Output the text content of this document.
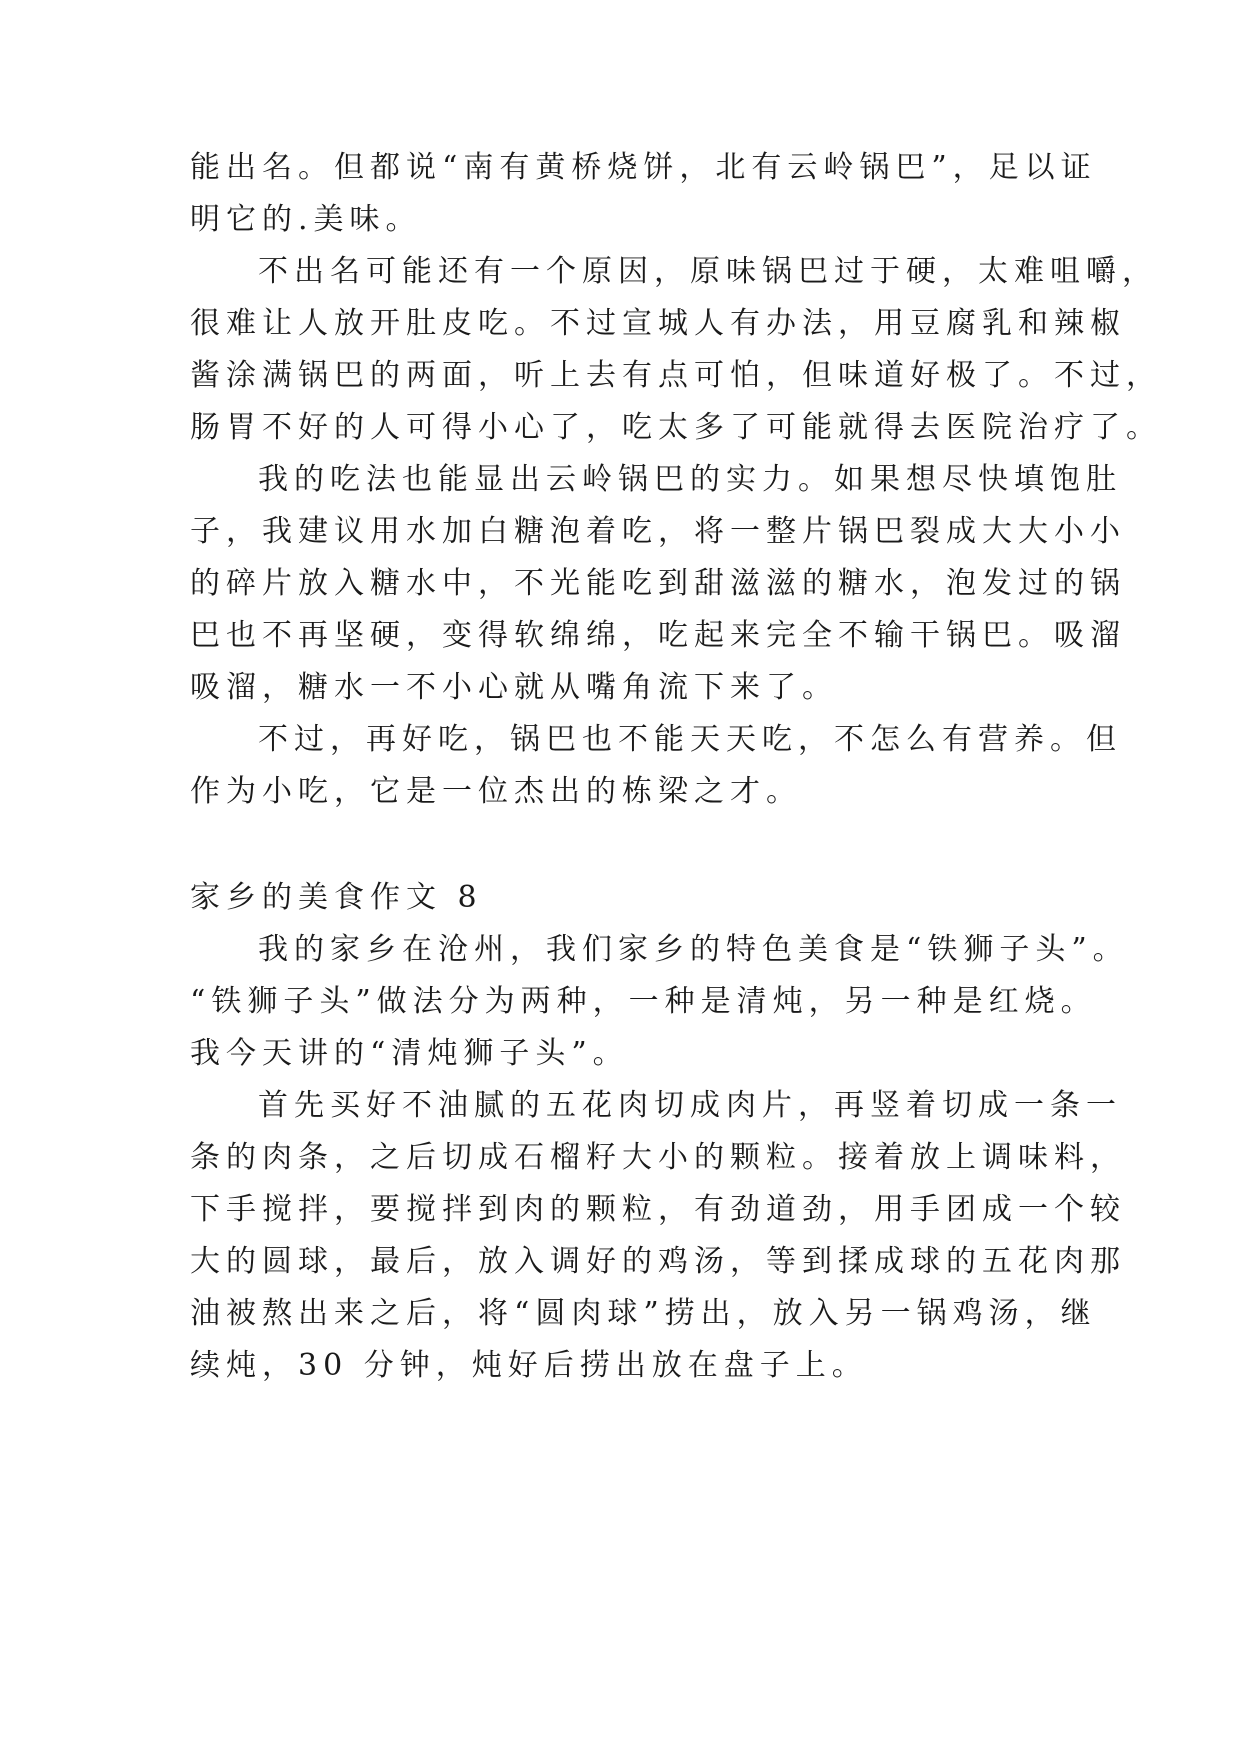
能出名。但都说“南有黄桥烧饼，北有云岭锅巴”，足以证
明它的.美味。
不出名可能还有一个原因，原味锅巴过于硬，太难咀嚼，
很难让人放开肚皮吃。不过宣城人有办法，用豆腐乳和辣椒
酱涂满锅巴的两面，听上去有点可怕，但味道好极了。不过，
肠胃不好的人可得小心了，吃太多了可能就得去医院治疗了。
我的吃法也能显出云岭锅巴的实力。如果想尽快填饱肚
子，我建议用水加白糖泡着吃，将一整片锅巴裂成大大小小
的碎片放入糖水中，不光能吃到甜滋滋的糖水，泡发过的锅
巴也不再坚硬，变得软绵绵，吃起来完全不输干锅巴。吸溜
吸溜，糖水一不小心就从嘴角流下来了。
不过，再好吃，锅巴也不能天天吃，不怎么有营养。但
作为小吃，它是一位杰出的栋梁之才。
家乡的美食作文 8
我的家乡在沧州，我们家乡的特色美食是“铁狮子头”。
“铁狮子头”做法分为两种，一种是清炖，另一种是红烧。
我今天讲的“清炖狮子头”。
首先买好不油腻的五花肉切成肉片，再竖着切成一条一
条的肉条，之后切成石榴籽大小的颗粒。接着放上调味料，
下手搅拌，要搅拌到肉的颗粒，有劲道劲，用手团成一个较
大的圆球，最后，放入调好的鸡汤，等到揉成球的五花肉那
油被熬出来之后，将“圆肉球”捞出，放入另一锅鸡汤，继
续炖，30 分钟，炖好后捞出放在盘子上。
